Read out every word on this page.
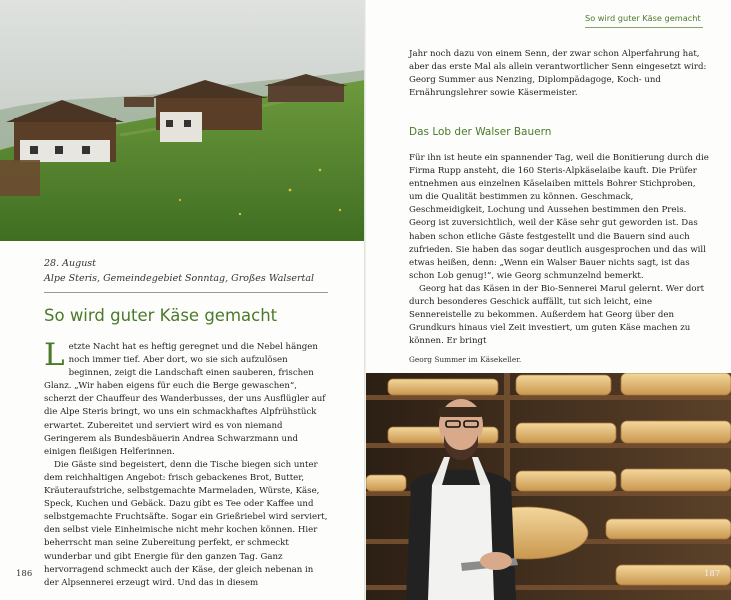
28. August
Alpe Steris, Gemeindegebiet Sonntag, Großes Walsertal
So wird guter Käse gemacht

Letzte Nacht hat es heftig geregnet und die Nebel hängen noch immer tief. Aber dort, wo sie sich aufzulösen beginnen, zeigt die Landschaft einen sauberen, frischen Glanz. „Wir haben eigens für euch die Berge gewaschen“, scherzt der Chauffeur des Wanderbusses, der uns Ausflügler auf die Alpe Steris bringt, wo uns ein schmackhaftes Alpfrühstück erwartet. Zubereitet und serviert wird es von niemand Geringerem als Bundesbäuerin Andrea Schwarzmann und einigen fleißigen Helferinnen.

Die Gäste sind begeistert, denn die Tische biegen sich unter dem reichhaltigen Angebot: frisch gebackenes Brot, Butter, Kräuteraufstriche, selbstgemachte Marmeladen, Würste, Käse, Speck, Kuchen und Gebäck. Dazu gibt es Tee oder Kaffee und selbstgemachte Fruchtsäfte. Sogar ein Grießriebel wird serviert, den selbst viele Einheimische nicht mehr kochen können. Hier beherrscht man seine Zubereitung perfekt, er schmeckt wunderbar und gibt Energie für den ganzen Tag. Ganz hervorragend schmeckt auch der Käse, der gleich nebenan in der Alpsennerei erzeugt wird. Und das in diesem

186
So wird guter Käse gemacht

Jahr noch dazu von einem Senn, der zwar schon Alperfahrung hat, aber das erste Mal als allein verantwortlicher Senn eingesetzt wird: Georg Summer aus Nenzing, Diplompädagoge, Koch- und Ernährungslehrer sowie Käsermeister.

Das Lob der Walser Bauern

Für ihn ist heute ein spannender Tag, weil die Bonitierung durch die Firma Rupp ansteht, die 160 Steris-Alpkäselaibe kauft. Die Prüfer entnehmen aus einzelnen Käselaiben mittels Bohrer Stichproben, um die Qualität bestimmen zu können. Geschmack, Geschmeidigkeit, Lochung und Aussehen bestimmen den Preis. Georg ist zuversichtlich, weil der Käse sehr gut geworden ist. Das haben schon etliche Gäste festgestellt und die Bauern sind auch zufrieden. Sie haben das sogar deutlich ausgesprochen und das will etwas heißen, denn: „Wenn ein Walser Bauer nichts sagt, ist das schon Lob genug!“, wie Georg schmunzelnd bemerkt.

Georg hat das Käsen in der Bio-Sennerei Marul gelernt. Wer dort durch besonderes Geschick auffällt, tut sich leicht, eine Sennereistelle zu bekommen. Außerdem hat Georg über den Grundkurs hinaus viel Zeit investiert, um guten Käse machen zu können. Er bringt

Georg Summer im Käsekeller.
187
